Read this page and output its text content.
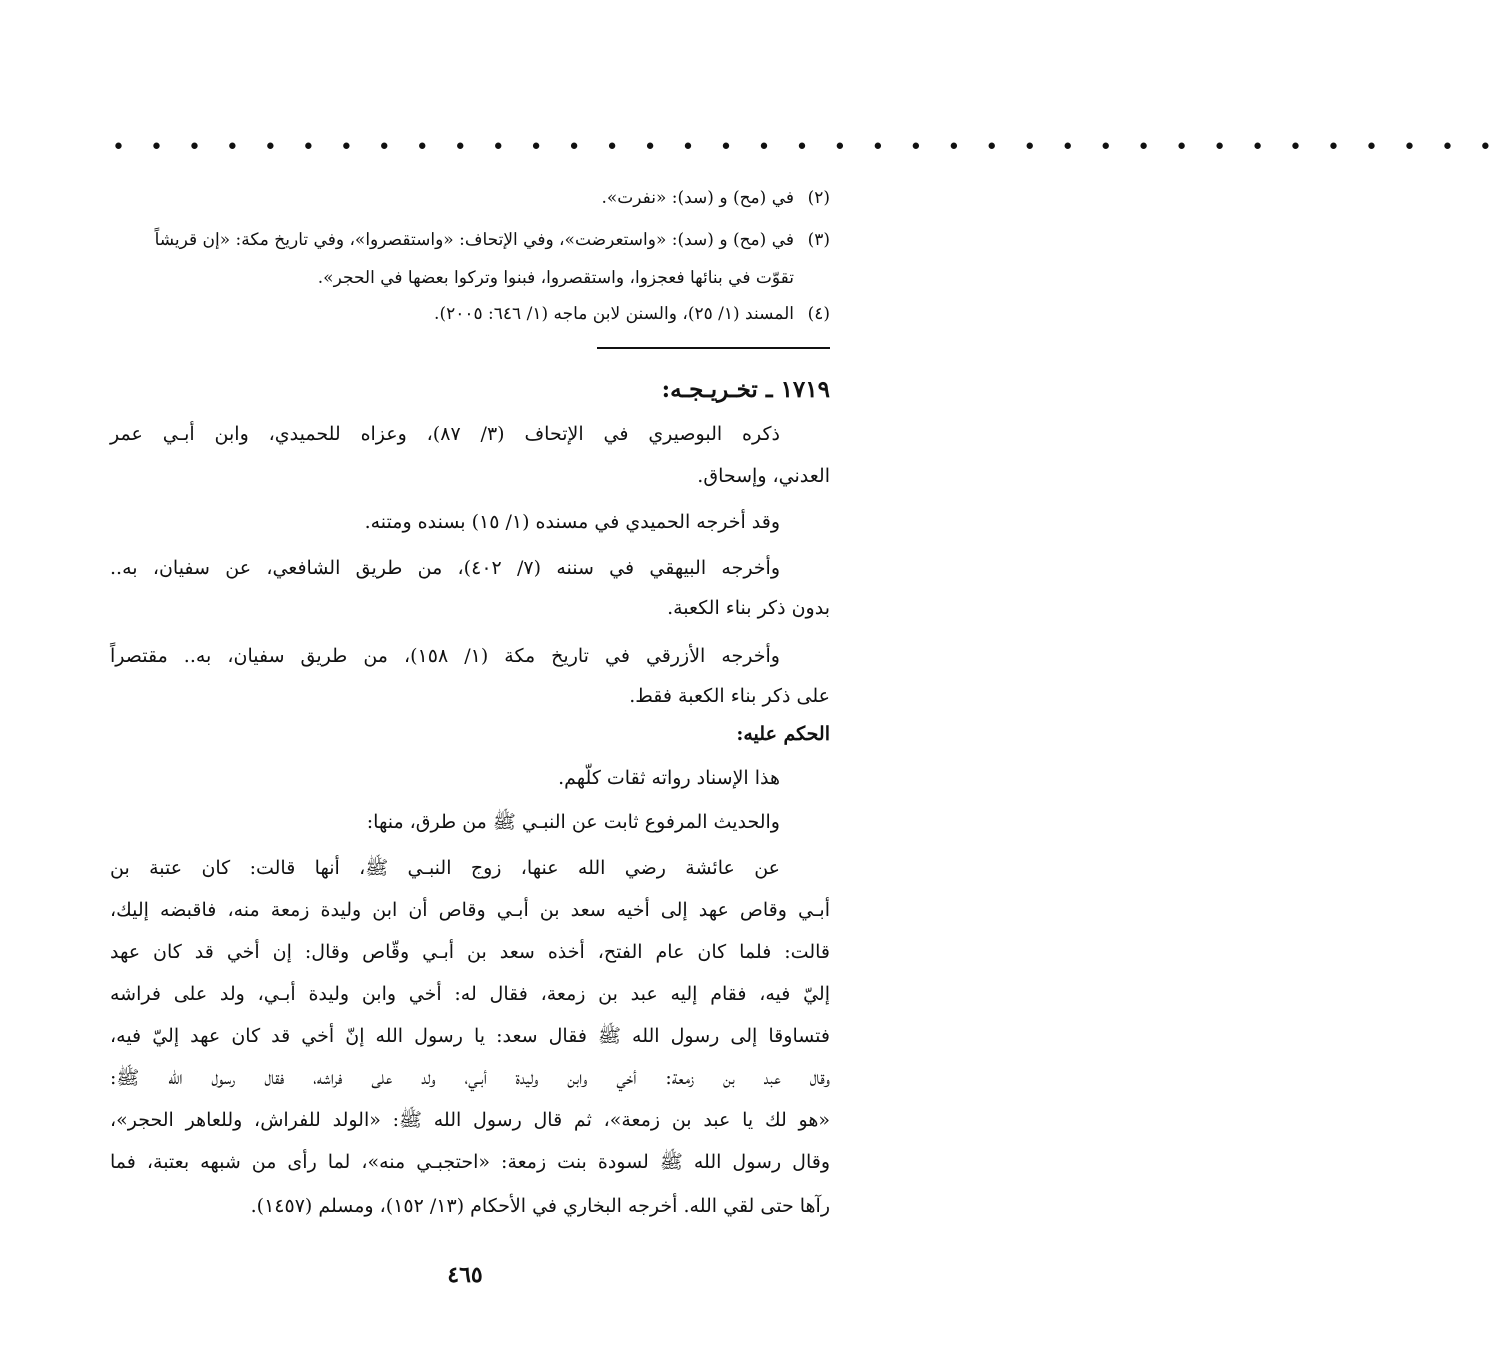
• • • • • • • • • • • • • • • • • • • • • • • • • • • • • • • • • • • • •
(٢)في (مح) و (سد): «نفرت».
(٣)في (مح) و (سد): «واستعرضت»، وفي الإتحاف: «واستقصروا»، وفي تاريخ مكة: «إن قريشاً
تقوّت في بنائها فعجزوا، واستقصروا، فبنوا وتركوا بعضها في الحجر».
(٤)المسند (١/ ٢٥)، والسنن لابن ماجه (١/ ٦٤٦: ٢٠٠٥).
١٧١٩ ـ تخـريـجـه:
ذكره البوصيري في الإتحاف (٣/ ٨٧)، وعزاه للحميدي، وابن أبـي عمر
العدني، وإسحاق.
وقد أخرجه الحميدي في مسنده (١/ ١٥) بسنده ومتنه.
وأخرجه البيهقي في سننه (٧/ ٤٠٢)، من طريق الشافعي، عن سفيان، به..
بدون ذكر بناء الكعبة.
وأخرجه الأزرقي في تاريخ مكة (١/ ١٥٨)، من طريق سفيان، به.. مقتصراً
على ذكر بناء الكعبة فقط.
الحكم عليه:
هذا الإسناد رواته ثقات كلّهم.
والحديث المرفوع ثابت عن النبـي ﷺ من طرق، منها:
عن عائشة رضي الله عنها، زوج النبـي ﷺ، أنها قالت: كان عتبة بن
أبـي وقاص عهد إلى أخيه سعد بن أبـي وقاص أن ابن وليدة زمعة منه، فاقبضه إليك،
قالت: فلما كان عام الفتح، أخذه سعد بن أبـي وقّاص وقال: إن أخي قد كان عهد
إليّ فيه، فقام إليه عبد بن زمعة، فقال له: أخي وابن وليدة أبـي، ولد على فراشه
فتساوقا إلى رسول الله ﷺ فقال سعد: يا رسول الله إنّ أخي قد كان عهد إليّ فيه،
وقال عبد بن زمعة: أخي وابن وليدة أبـي، ولد على فراشه، فقال رسول الله ﷺ:
«هو لك يا عبد بن زمعة»، ثم قال رسول الله ﷺ: «الولد للفراش، وللعاهر الحجر»،
وقال رسول الله ﷺ لسودة بنت زمعة: «احتجبـي منه»، لما رأى من شبهه بعتبة، فما
رآها حتى لقي الله. أخرجه البخاري في الأحكام (١٣/ ١٥٢)، ومسلم (١٤٥٧).
٤٦٥
